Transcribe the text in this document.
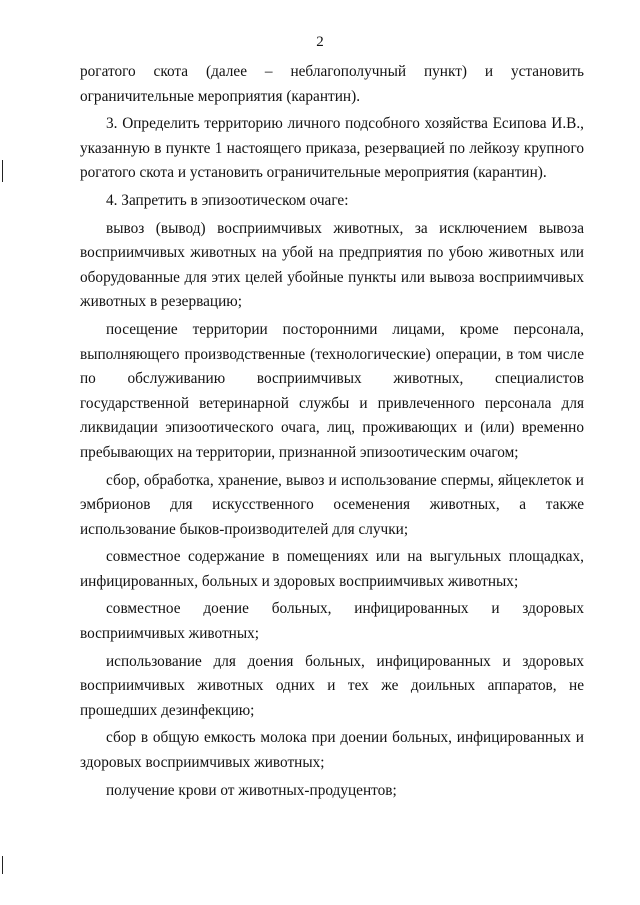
2

рогатого скота (далее – неблагополучный пункт) и установить ограничительные мероприятия (карантин).

3. Определить территорию личного подсобного хозяйства Есипова И.В., указанную в пункте 1 настоящего приказа, резервацией по лейкозу крупного рогатого скота и установить ограничительные мероприятия (карантин).

4. Запретить в эпизоотическом очаге:

вывоз (вывод) восприимчивых животных, за исключением вывоза восприимчивых животных на убой на предприятия по убою животных или оборудованные для этих целей убойные пункты или вывоза восприимчивых животных в резервацию;

посещение территории посторонними лицами, кроме персонала, выполняющего производственные (технологические) операции, в том числе по обслуживанию восприимчивых животных, специалистов государственной ветеринарной службы и привлеченного персонала для ликвидации эпизоотического очага, лиц, проживающих и (или) временно пребывающих на территории, признанной эпизоотическим очагом;

сбор, обработка, хранение, вывоз и использование спермы, яйцеклеток и эмбрионов для искусственного осеменения животных, а также использование быков-производителей для случки;

совместное содержание в помещениях или на выгульных площадках, инфицированных, больных и здоровых восприимчивых животных;

совместное доение больных, инфицированных и здоровых восприимчивых животных;

использование для доения больных, инфицированных и здоровых восприимчивых животных одних и тех же доильных аппаратов, не прошедших дезинфекцию;

сбор в общую емкость молока при доении больных, инфицированных и здоровых восприимчивых животных;

получение крови от животных-продуцентов;
